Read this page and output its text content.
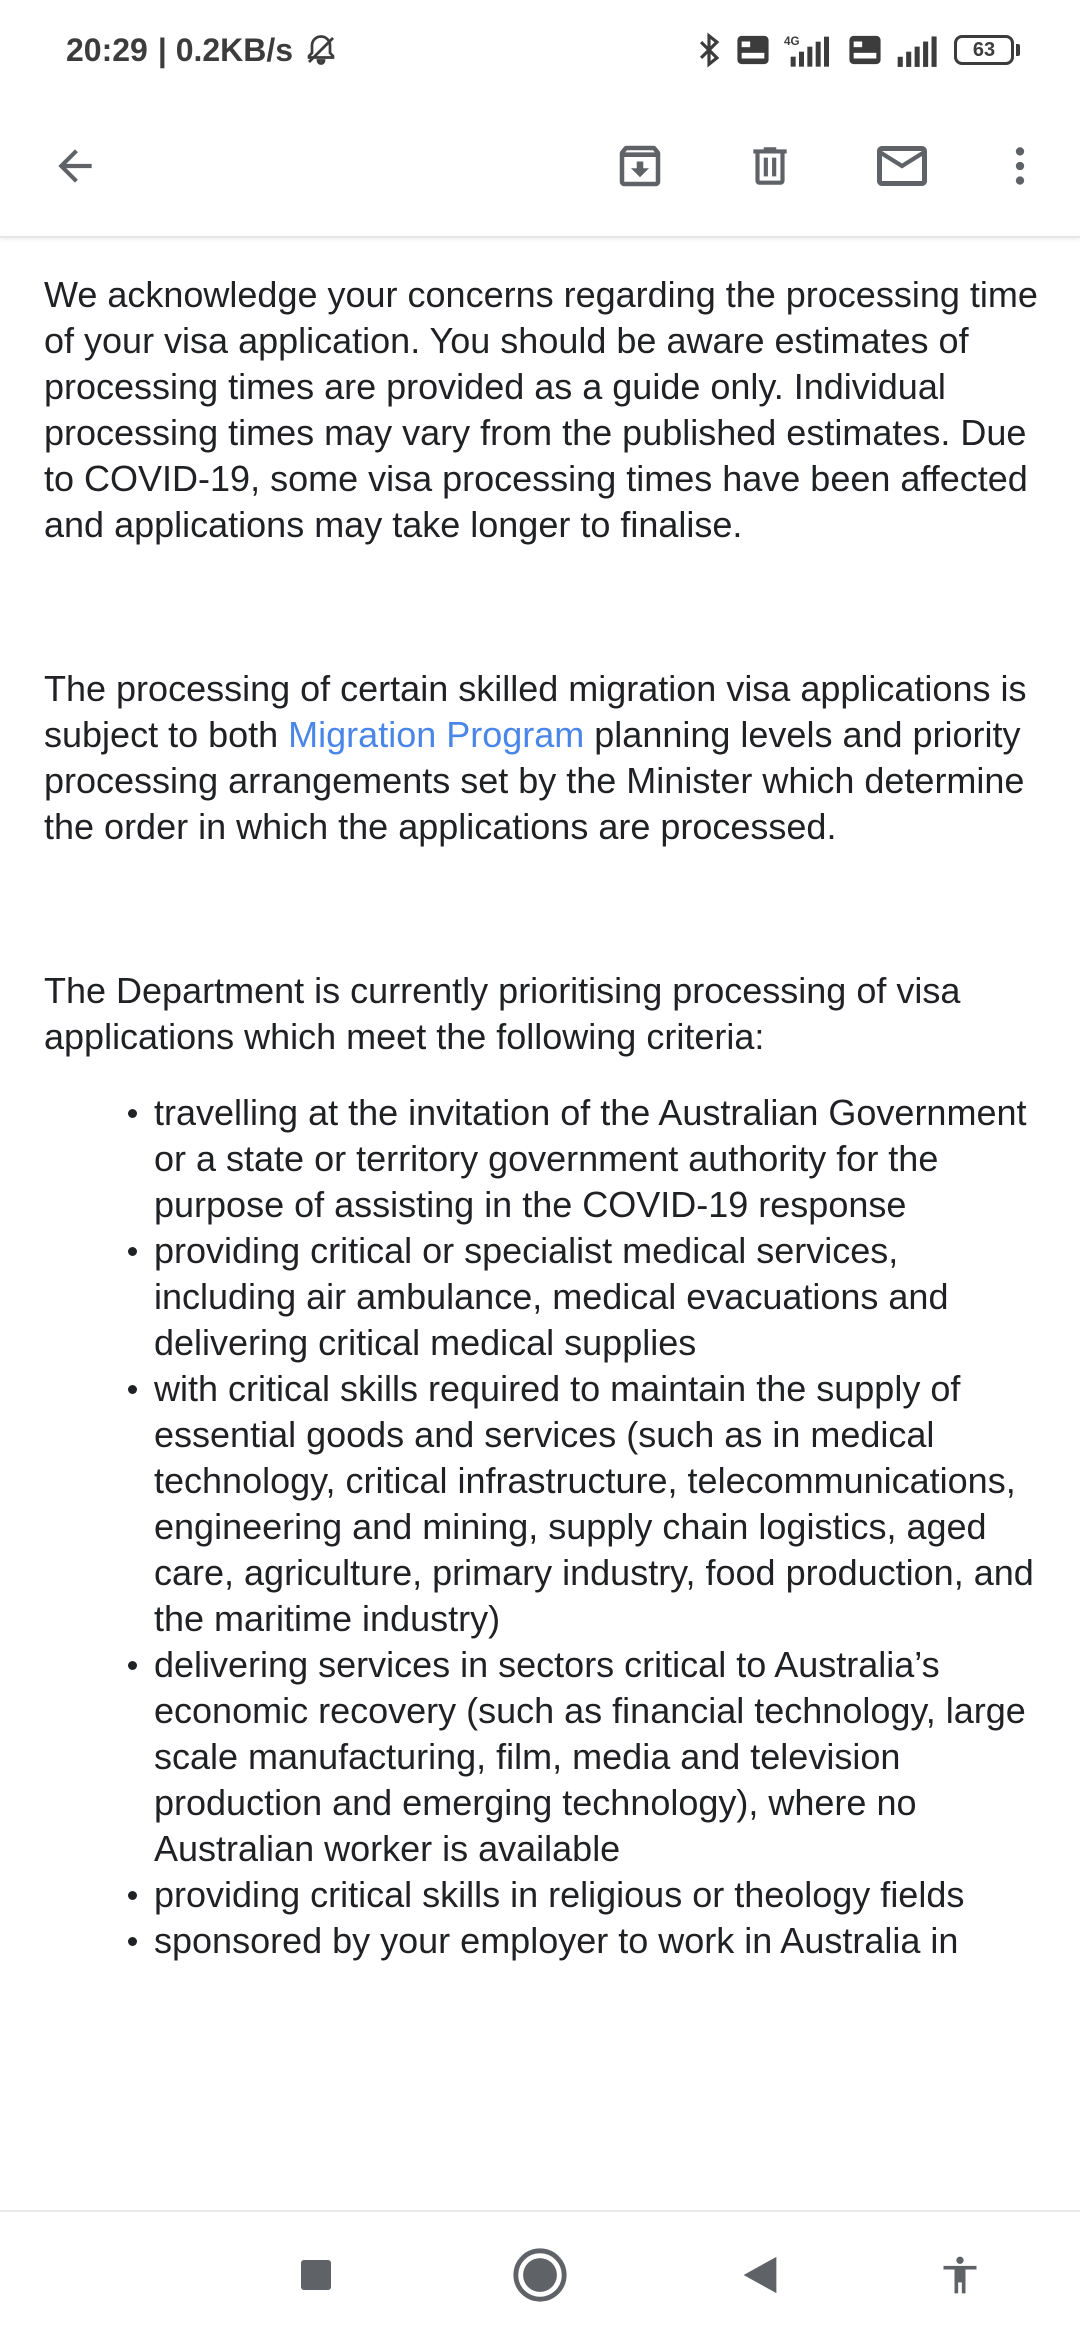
20:29 | 0.2KB/s	4G	63

We acknowledge your concerns regarding the processing time of your visa application. You should be aware estimates of processing times are provided as a guide only. Individual processing times may vary from the published estimates. Due to COVID-19, some visa processing times have been affected and applications may take longer to finalise.

The processing of certain skilled migration visa applications is subject to both Migration Program planning levels and priority processing arrangements set by the Minister which determine the order in which the applications are processed.

The Department is currently prioritising processing of visa applications which meet the following criteria:

travelling at the invitation of the Australian Government or a state or territory government authority for the purpose of assisting in the COVID-19 response
providing critical or specialist medical services, including air ambulance, medical evacuations and delivering critical medical supplies
with critical skills required to maintain the supply of essential goods and services (such as in medical technology, critical infrastructure, telecommunications, engineering and mining, supply chain logistics, aged care, agriculture, primary industry, food production, and the maritime industry)
delivering services in sectors critical to Australia’s economic recovery (such as financial technology, large scale manufacturing, film, media and television production and emerging technology), where no Australian worker is available
providing critical skills in religious or theology fields
sponsored by your employer to work in Australia in
